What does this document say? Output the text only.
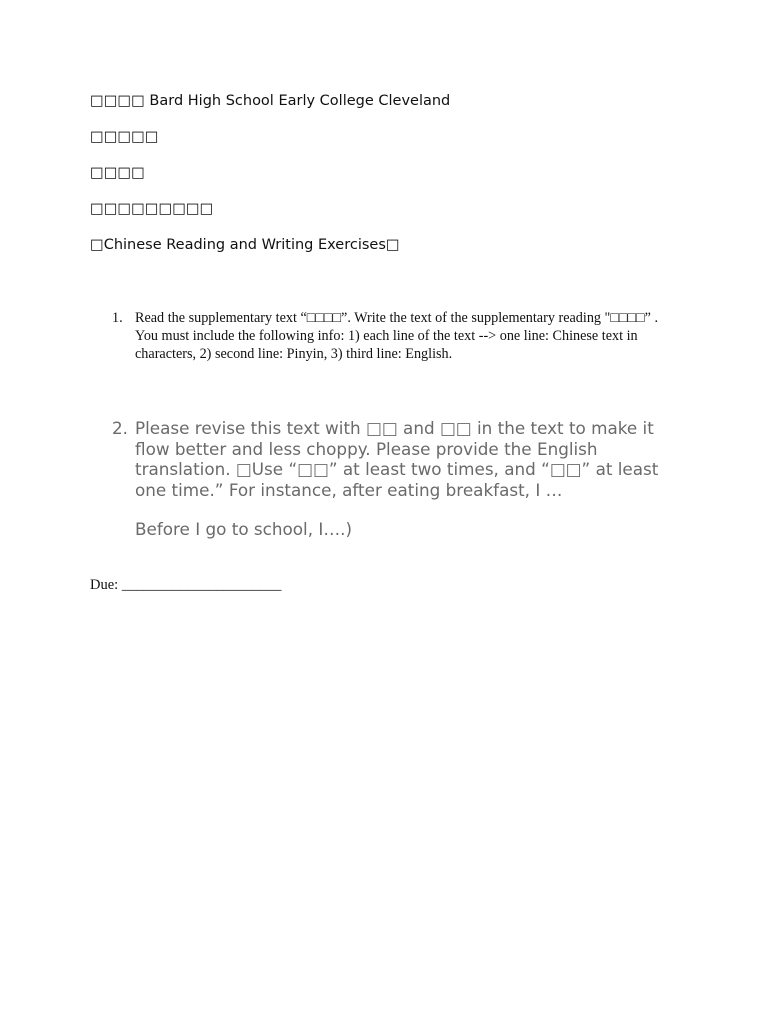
□□□□ Bard High School Early College Cleveland
□□□□□
□□□□
□□□□□□□□□
□Chinese Reading and Writing Exercises□
1. Read the supplementary text “□□□□”. Write the text of the supplementary reading "□□□□” . You must include the following info: 1) each line of the text --> one line: Chinese text in characters, 2) second line: Pinyin, 3) third line: English.
2. Please revise this text with □□ and □□ in the text to make it flow better and less choppy. Please provide the English translation. □Use “□□” at least two times, and “□□” at least one time.” For instance, after eating breakfast, I …
Before I go to school, I….)
Due: ______________________
